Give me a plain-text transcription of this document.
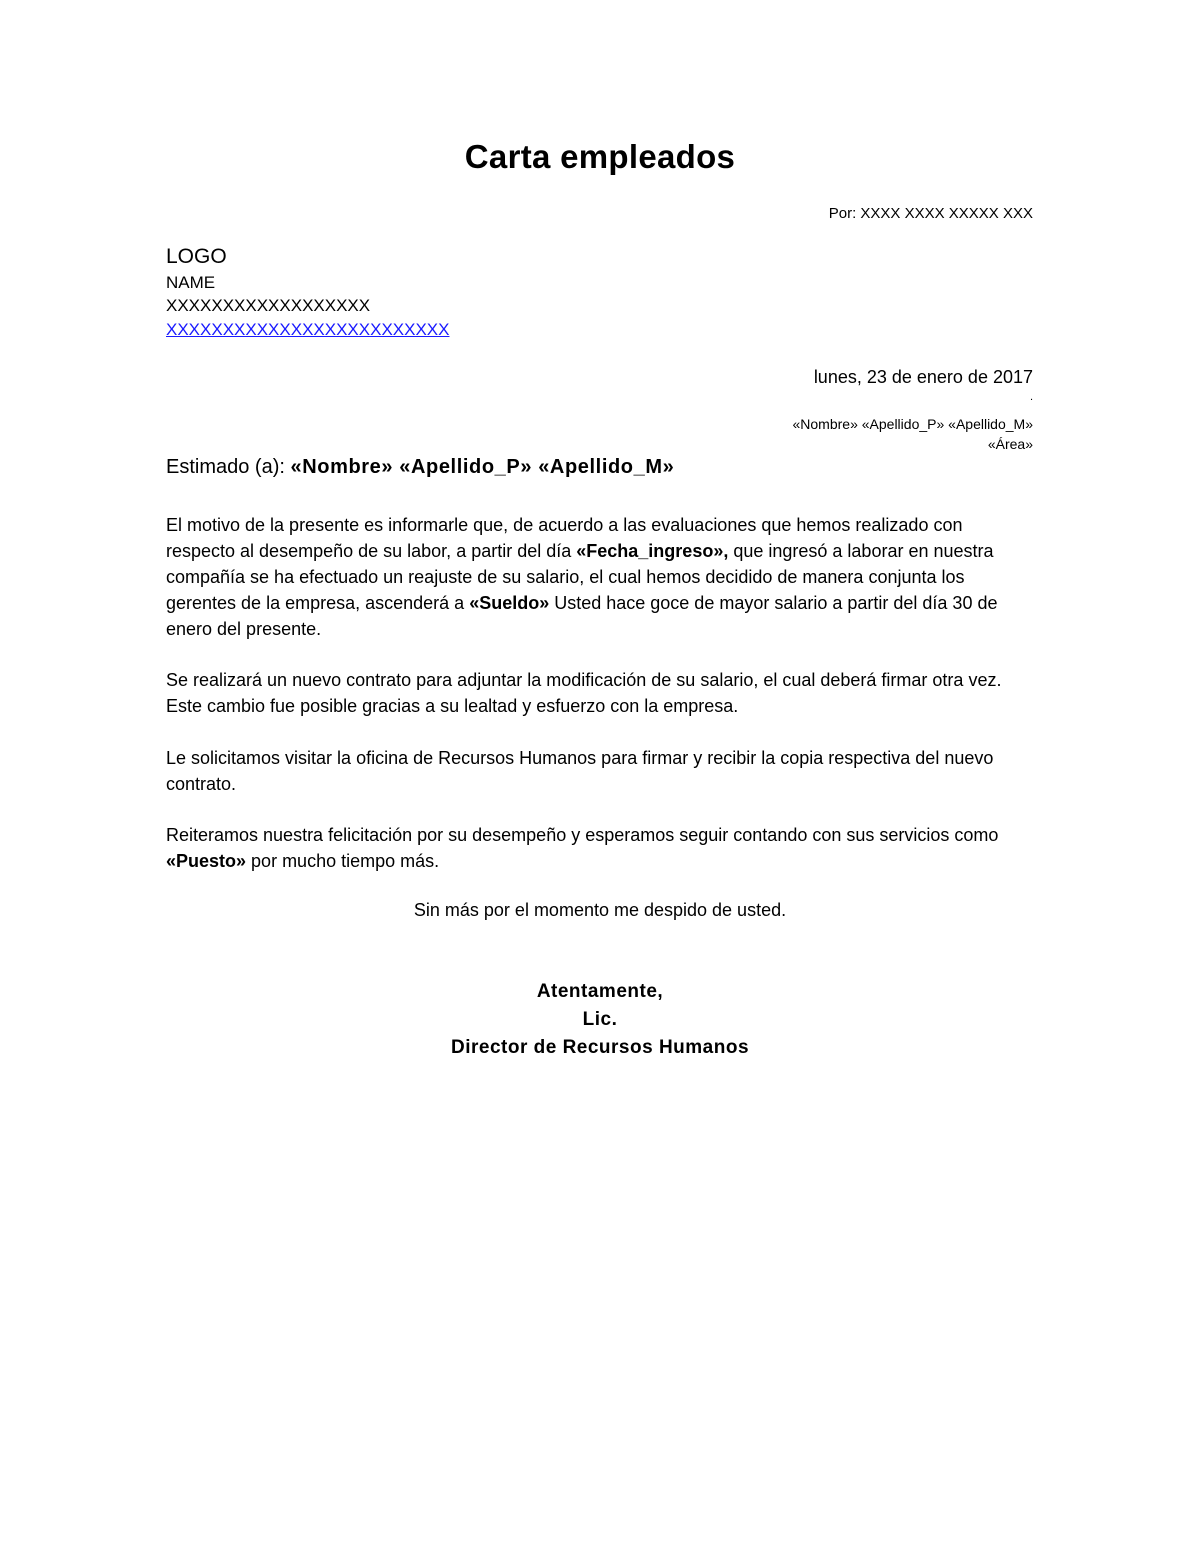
Carta empleados
Por: XXXX XXXX XXXXX XXX
LOGO
NAME
XXXXXXXXXXXXXXXXXX
XXXXXXXXXXXXXXXXXXXXXXXXX
lunes, 23 de enero de 2017
.
«Nombre» «Apellido_P» «Apellido_M»
«Área»
Estimado (a): «Nombre» «Apellido_P» «Apellido_M»
El motivo de la presente es informarle que, de acuerdo a las evaluaciones que hemos realizado con respecto al desempeño de su labor, a partir del día «Fecha_ingreso», que ingresó a laborar en nuestra compañía se ha efectuado un reajuste de su salario, el cual hemos decidido de manera conjunta los gerentes de la empresa, ascenderá a «Sueldo» Usted hace goce de mayor salario a partir del día 30 de enero del presente.
Se realizará un nuevo contrato para adjuntar la modificación de su salario, el cual deberá firmar otra vez. Este cambio fue posible gracias a su lealtad y esfuerzo con la empresa.
Le solicitamos visitar la oficina de Recursos Humanos para firmar y recibir la copia respectiva del nuevo contrato.
Reiteramos nuestra felicitación por su desempeño y esperamos seguir contando con sus servicios como «Puesto» por mucho tiempo más.
Sin más por el momento me despido de usted.
Atentamente,
Lic.
Director de Recursos Humanos
